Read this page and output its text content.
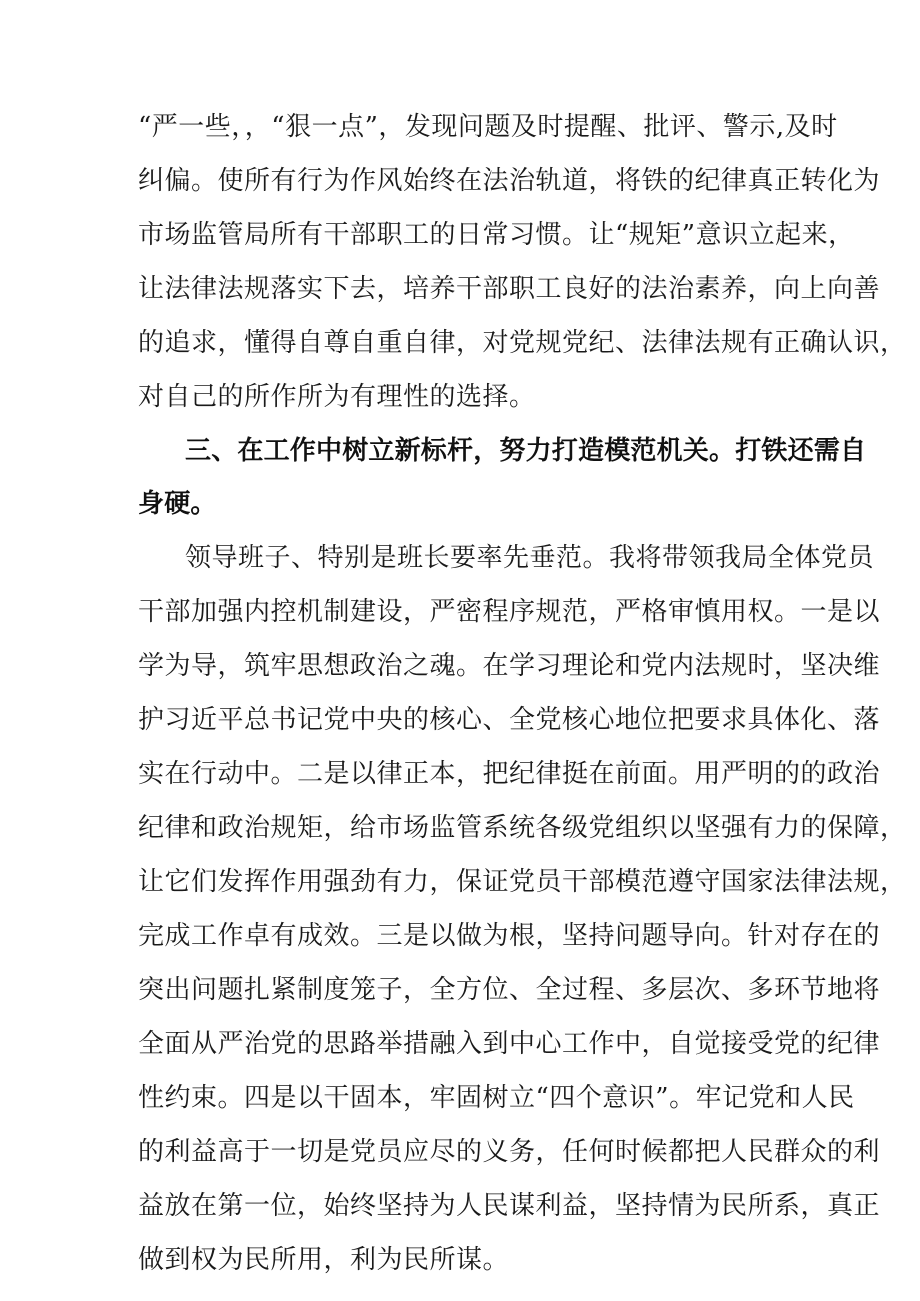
“严一些，，“狠一点”，发现问题及时提醒、批评、警示,及时
纠偏。使所有行为作风始终在法治轨道，将铁的纪律真正转化为
市场监管局所有干部职工的日常习惯。让“规矩”意识立起来，
让法律法规落实下去，培养干部职工良好的法治素养，向上向善
的追求，懂得自尊自重自律，对党规党纪、法律法规有正确认识，
对自己的所作所为有理性的选择。
三、在工作中树立新标杆，努力打造模范机关。打铁还需自
身硬。
领导班子、特别是班长要率先垂范。我将带领我局全体党员
干部加强内控机制建设，严密程序规范，严格审慎用权。一是以
学为导，筑牢思想政治之魂。在学习理论和党内法规时，坚决维
护习近平总书记党中央的核心、全党核心地位把要求具体化、落
实在行动中。二是以律正本，把纪律挺在前面。用严明的的政治
纪律和政治规矩，给市场监管系统各级党组织以坚强有力的保障，
让它们发挥作用强劲有力，保证党员干部模范遵守国家法律法规，
完成工作卓有成效。三是以做为根，坚持问题导向。针对存在的
突出问题扎紧制度笼子，全方位、全过程、多层次、多环节地将
全面从严治党的思路举措融入到中心工作中，自觉接受党的纪律
性约束。四是以干固本，牢固树立“四个意识”。牢记党和人民
的利益高于一切是党员应尽的义务，任何时候都把人民群众的利
益放在第一位，始终坚持为人民谋利益，坚持情为民所系，真正
做到权为民所用，利为民所谋。
